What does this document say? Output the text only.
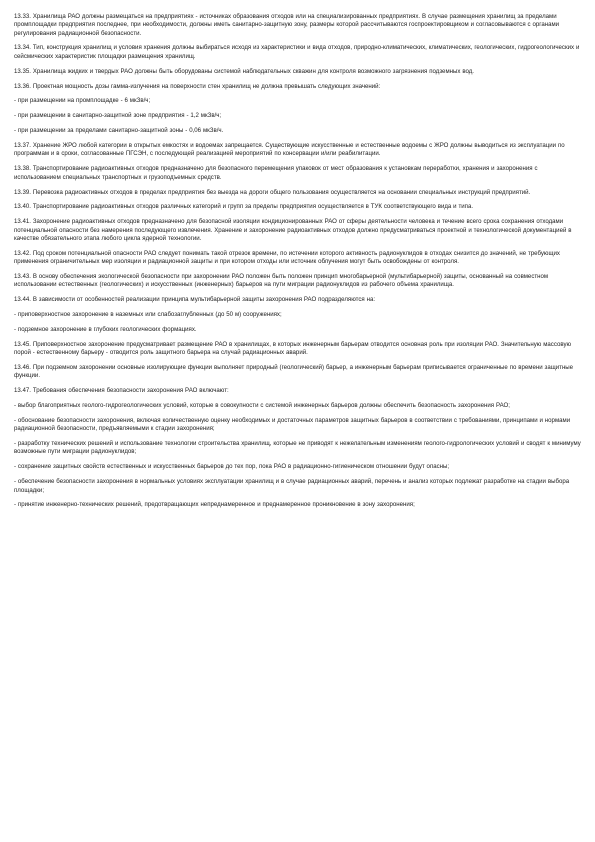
13.33. Хранилища РАО должны размещаться на предприятиях - источниках образования отходов или на специализированных предприятиях. В случае размещения хранилищ за пределами промплощадки предприятия последнее, при необходимости, должны иметь санитарно-защитную зону, размеры которой рассчитываются госпроектировщиком и согласовываются с органами регулирования радиационной безопасности.

13.34. Тип, конструкция хранилищ и условия хранения должны выбираться исходя из характеристики и вида отходов, природно-климатических, климатических, геологических, гидрогеологических и сейсмических характеристик площадки размещения хранилищ.

13.35. Хранилища жидких и твердых РАО должны быть оборудованы системой наблюдательных скважин для контроля возможного загрязнения подземных вод.

13.36. Проектная мощность дозы гамма-излучения на поверхности стен хранилищ не должна превышать следующих значений:

- при размещении на промплощадке - 6 мкЗв/ч;

- при размещении в санитарно-защитной зоне предприятия - 1,2 мкЗв/ч;

- при размещении за пределами санитарно-защитной зоны - 0,06 мкЗв/ч.

13.37. Хранение ЖРО любой категории в открытых емкостях и водоемах запрещается. Существующие искусственные и естественные водоемы с ЖРО должны выводиться из эксплуатации по программам и в сроки, согласованные ПГСЭН, с последующей реализацией мероприятий по консервации и/или реабилитации.

13.38. Транспортирование радиоактивных отходов предназначено для безопасного перемещения упаковок от мест образования к установкам переработки, хранения и захоронения с использованием специальных транспортных и грузоподъемных средств.

13.39. Перевозка радиоактивных отходов в пределах предприятия без выезда на дороги общего пользования осуществляется на основании специальных инструкций предприятий.

13.40. Транспортирование радиоактивных отходов различных категорий и групп за пределы предприятия осуществляется в ТУК соответствующего вида и типа.

13.41. Захоронение радиоактивных отходов предназначено для безопасной изоляции кондиционированных РАО от сферы деятельности человека и течение всего срока сохранения отходами потенциальной опасности без намерения последующего извлечения. Хранение и захоронение радиоактивных отходов должно предусматриваться проектной и технологической документацией в качестве обязательного этапа любого цикла ядерной технологии.

13.42. Под сроком потенциальной опасности РАО следует понимать такой отрезок времени, по истечении которого активность радионуклидов в отходах снизится до значений, не требующих применения ограничительных мер изоляции и радиационной защиты и при котором отходы или источник облучения могут быть освобождены от контроля.

13.43. В основу обеспечения экологической безопасности при захоронении РАО положен быть положен принцип многобарьерной (мультибарьерной) защиты, основанный на совместном использовании естественных (геологических) и искусственных (инженерных) барьеров на пути миграции радионуклидов из рабочего объема хранилища.

13.44. В зависимости от особенностей реализации принципа мультибарьерной защиты захоронения РАО подразделяются на:

- приповерхностное захоронение в наземных или слабозаглубленных (до 50 м) сооружениях;

- подземное захоронение в глубоких геологических формациях.

13.45. Приповерхностное захоронение предусматривает размещение РАО в хранилищах, в которых инженерным барьерам отводится основная роль при изоляции РАО. Значительную массовую порой - естественному барьеру - отводится роль защитного барьера на случай радиационных аварий.

13.46. При подземном захоронении основные изолирующие функции выполняет природный (геологический) барьер, а инженерным барьерам приписывается ограниченные по времени защитные функции.

13.47. Требования обеспечения безопасности захоронения РАО включают:

- выбор благоприятных геолого-гидрогеологических условий, которые в совокупности с системой инженерных барьеров должны обеспечить безопасность захоронения РАО;

- обоснование безопасности захоронения, включая количественную оценку необходимых и достаточных параметров защитных барьеров в соответствии с требованиями, принципами и нормами радиационной безопасности, предъявляемыми к стадии захоронения;

- разработку технических решений и использование технологии строительства хранилищ, которые не приводят к нежелательным изменениям геолого-гидрологических условий и сводят к минимуму возможные пути миграции радионуклидов;

- сохранение защитных свойств естественных и искусственных барьеров до тех пор, пока РАО в радиационно-гигиеническом отношении будут опасны;

- обеспечение безопасности захоронения в нормальных условиях эксплуатации хранилищ и в случае радиационных аварий, перечень и анализ которых подлежат разработке на стадии выбора площадки;

- принятие инженерно-технических решений, предотвращающих непреднамеренное и преднамеренное проникновение в зону захоронения;
